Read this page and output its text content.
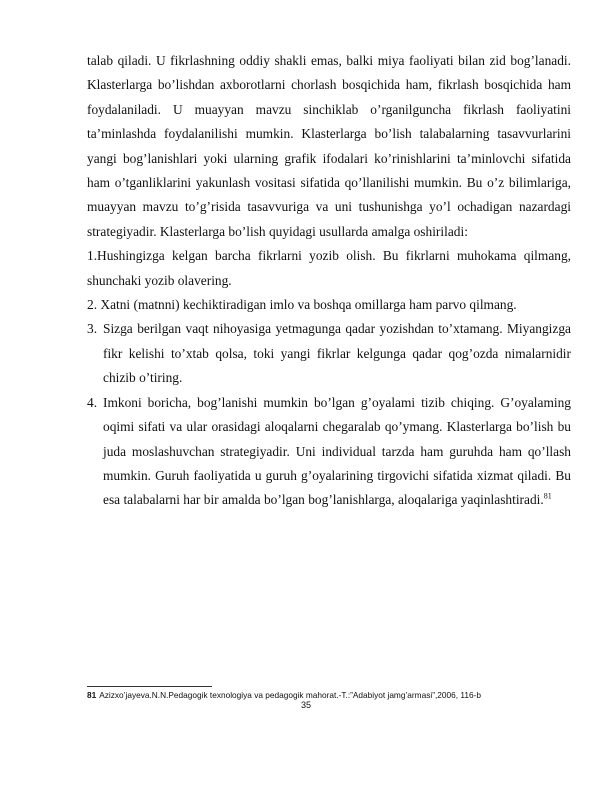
talab qiladi. U fikrlashning oddiy shakli emas, balki miya faoliyati bilan zid bog’lanadi. Klasterlarga bo’lishdan axborotlarni chorlash bosqichida ham, fikrlash bosqichida ham foydalaniladi. U muayyan mavzu sinchiklab o’rganilguncha fikrlash faoliyatini ta’minlashda foydalanilishi mumkin. Klasterlarga bo’lish talabalarning tasavvurlarini yangi bog’lanishlari yoki ularning grafik ifodalari ko’rinishlarini ta’minlovchi sifatida ham o’tganliklarini yakunlash vositasi sifatida qo’llanilishi mumkin. Bu o’z bilimlariga, muayyan mavzu to’g’risida tasavvuriga va uni tushunishga yo’l ochadigan nazardagi strategiyadir. Klasterlarga bo’lish quyidagi usullarda amalga oshiriladi:

1.Hushingizga kelgan barcha fikrlarni yozib olish. Bu fikrlarni muhokama qilmang, shunchaki yozib olavering.
2. Xatni (matnni) kechiktiradigan imlo va boshqa omillarga ham parvo qilmang.
3. Sizga berilgan vaqt nihoyasiga yetmagunga qadar yozishdan to’xtamang. Miyangizga fikr kelishi to’xtab qolsa, toki yangi fikrlar kelgunga qadar qog’ozda nimalarnidir chizib o’tiring.
4. Imkoni boricha, bog’lanishi mumkin bo’lgan g’oyalami tizib chiqing. G’oyalaming oqimi sifati va ular orasidagi aloqalarni chegaralab qo’ymang. Klasterlarga bo’lish bu juda moslashuvchan strategiyadir. Uni individual tarzda ham guruhda ham qo’llash mumkin. Guruh faoliyatida u guruh g’oyalarining tirgovichi sifatida xizmat qiladi. Bu esa talabalarni har bir amalda bo’lgan bog’lanishlarga, aloqalariga yaqinlashtiradi.$^{81}$
81 Azizxo’jayeva.N.N.Pedagogik texnologiya va pedagogik mahorat.-T.:”Adabiyot jamg’armasi”,2006, 116-b
35
